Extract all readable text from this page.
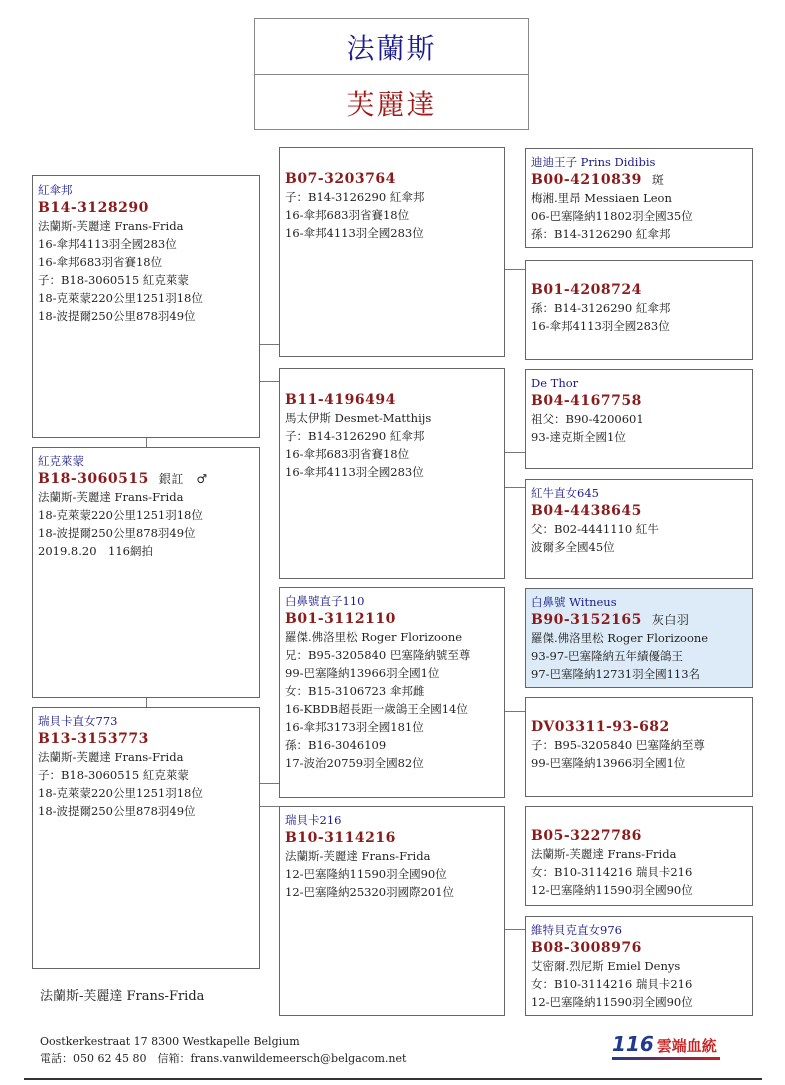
法蘭斯
芙麗達
紅傘邦
B14-3128290
法蘭斯-芙麗達 Frans-Frida
16-傘邦4113羽全國283位
16-傘邦683羽省賽18位
子：B18-3060515 紅克萊蒙
18-克萊蒙220公里1251羽18位
18-波提爾250公里878羽49位
紅克萊蒙
B18-3060515 銀訌　♂
法蘭斯-芙麗達 Frans-Frida
18-克萊蒙220公里1251羽18位
18-波提爾250公里878羽49位
2019.8.20　116網拍
瑞貝卡直女773
B13-3153773
法蘭斯-芙麗達 Frans-Frida
子：B18-3060515 紅克萊蒙
18-克萊蒙220公里1251羽18位
18-波提爾250公里878羽49位
B07-3203764
子：B14-3126290 紅傘邦
16-傘邦683羽省賽18位
16-傘邦4113羽全國283位
B11-4196494
馬太伊斯 Desmet-Matthijs
子：B14-3126290 紅傘邦
16-傘邦683羽省賽18位
16-傘邦4113羽全國283位
白鼻號直子110
B01-3112110
羅傑.佛洛里松 Roger Florizoone
兄：B95-3205840 巴塞隆納號至尊
99-巴塞隆納13966羽全國1位
女：B15-3106723 傘邦雌
16-KBDB超長距一歲鴿王全國14位
16-傘邦3173羽全國181位
孫：B16-3046109
17-波治20759羽全國82位
瑞貝卡216
B10-3114216
法蘭斯-芙麗達 Frans-Frida
12-巴塞隆納11590羽全國90位
12-巴塞隆納25320羽國際201位
迪迪王子 Prins Didibis
B00-4210839 斑
梅湘.里昂 Messiaen Leon
06-巴塞隆納11802羽全國35位
孫：B14-3126290 紅傘邦
B01-4208724
孫：B14-3126290 紅傘邦
16-傘邦4113羽全國283位
De Thor
B04-4167758
祖父：B90-4200601
93-達克斯全國1位
紅牛直女645
B04-4438645
父：B02-4441110 紅牛
波爾多全國45位
白鼻號 Witneus
B90-3152165 灰白羽
羅傑.佛洛里松 Roger Florizoone
93-97-巴塞隆納五年績優鴿王
97-巴塞隆納12731羽全國113名
DV03311-93-682
子：B95-3205840 巴塞隆納至尊
99-巴塞隆納13966羽全國1位
B05-3227786
法蘭斯-芙麗達 Frans-Frida
女：B10-3114216 瑞貝卡216
12-巴塞隆納11590羽全國90位
維特貝克直女976
B08-3008976
艾密爾.烈尼斯 Emiel Denys
女：B10-3114216 瑞貝卡216
12-巴塞隆納11590羽全國90位
法蘭斯-芙麗達 Frans-Frida
Oostkerkestraat 17 8300 Westkapelle Belgium
電話：050 62 45 80　信箱：frans.vanwildemeersch@belgacom.net
116 雲端血統
